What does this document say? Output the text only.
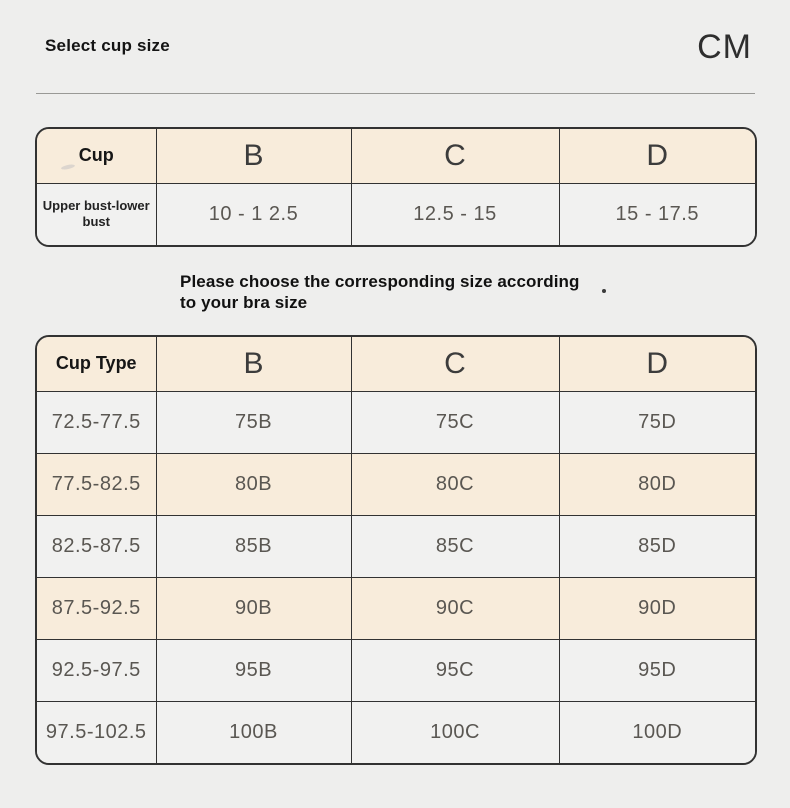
Select cup size	CM
Cup	B	C	D
Upper bust-lower bust	10 - 1 2.5	12.5 - 15	15 - 17.5
Please choose the corresponding size according
to your bra size
Cup Type	B	C	D
72.5-77.5	75B	75C	75D
77.5-82.5	80B	80C	80D
82.5-87.5	85B	85C	85D
87.5-92.5	90B	90C	90D
92.5-97.5	95B	95C	95D
97.5-102.5	100B	100C	100D
